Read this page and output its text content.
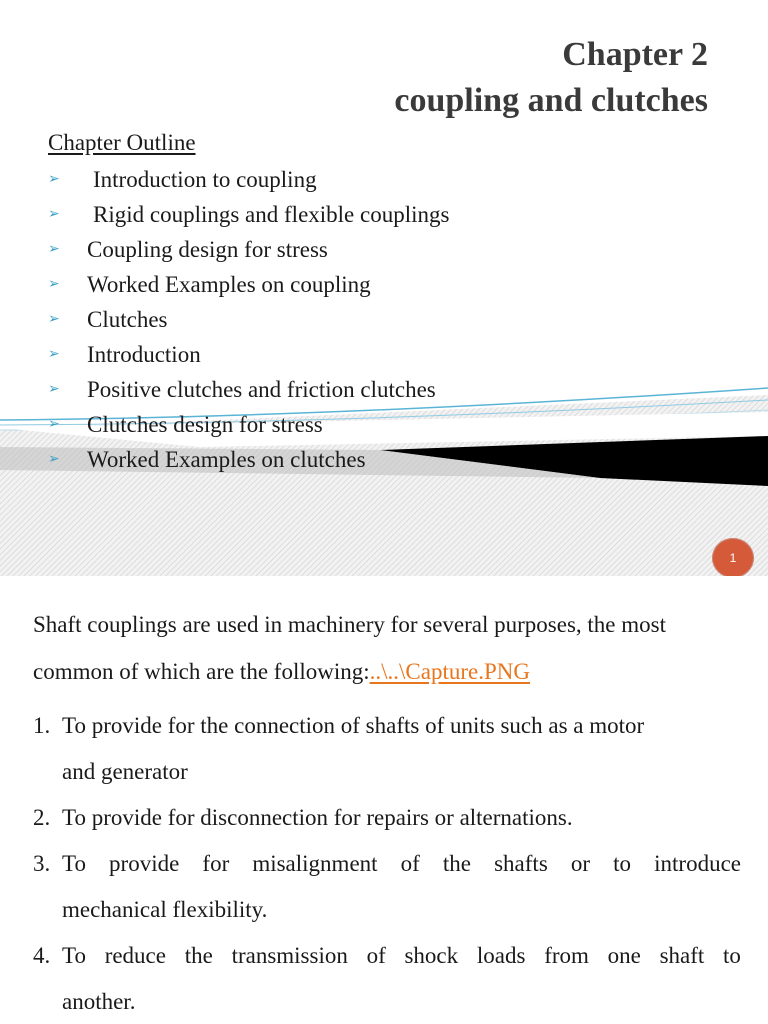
Chapter 2
coupling and clutches
Chapter Outline
➢ Introduction to coupling
➢ Rigid couplings and flexible couplings
➢ Coupling design for stress
➢ Worked Examples on coupling
➢ Clutches
➢ Introduction
➢ Positive clutches and friction clutches
➢ Clutches design for stress
➢ Worked Examples on clutches
1
Shaft couplings are used in machinery for several purposes, the most
common of which are the following:..\..\Capture.PNG
1. To provide for the connection of shafts of units such as a motor
and generator
2. To provide for disconnection for repairs or alternations.
3. To provide for misalignment of the shafts or to introduce
mechanical flexibility.
4. To reduce the transmission of shock loads from one shaft to
another.
